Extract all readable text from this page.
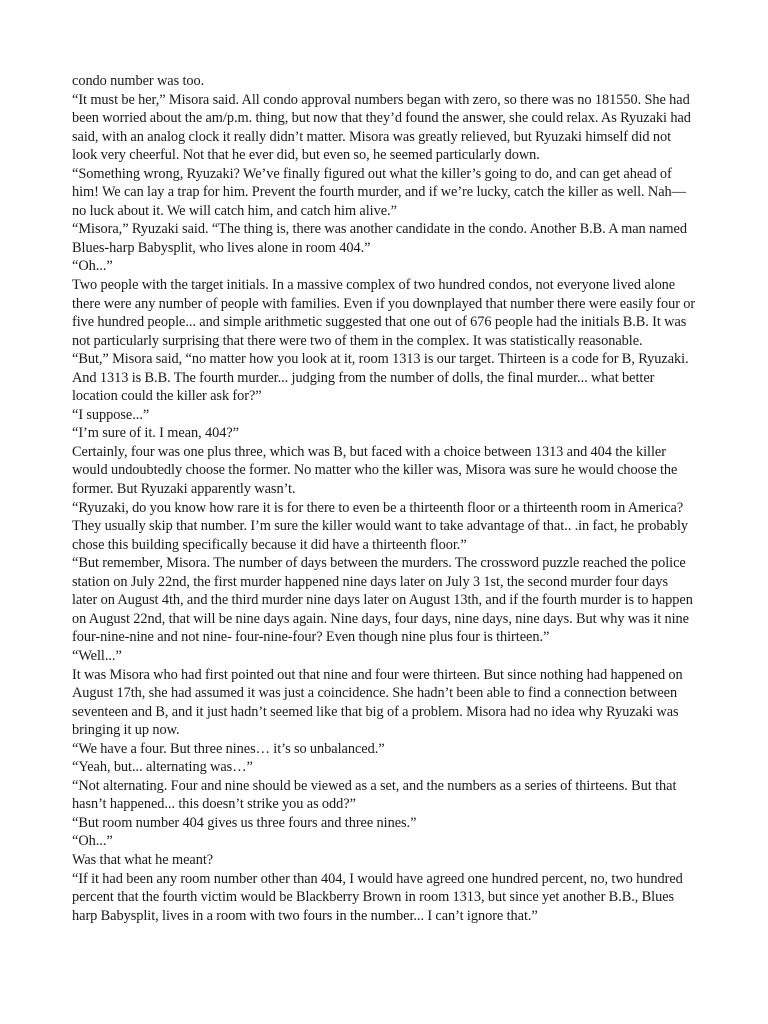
condo number was too.

“It must be her,” Misora said. All condo approval numbers began with zero, so there was no 181550. She had been worried about the am/p.m. thing, but now that they’d found the answer, she could relax. As Ryuzaki had said, with an analog clock it really didn’t matter. Misora was greatly relieved, but Ryuzaki himself did not look very cheerful. Not that he ever did, but even so, he seemed particularly down.

“Something wrong, Ryuzaki? We’ve finally figured out what the killer’s going to do, and can get ahead of him! We can lay a trap for him. Prevent the fourth murder, and if we’re lucky, catch the killer as well. Nah—no luck about it. We will catch him, and catch him alive.”

“Misora,” Ryuzaki said. “The thing is, there was another candidate in the condo. Another B.B. A man named Blues-harp Babysplit, who lives alone in room 404.”

“Oh...”

Two people with the target initials. In a massive complex of two hundred condos, not everyone lived alone there were any number of people with families. Even if you downplayed that number there were easily four or five hundred people... and simple arithmetic suggested that one out of 676 people had the initials B.B. It was not particularly surprising that there were two of them in the complex. It was statistically reasonable.

“But,” Misora said, “no matter how you look at it, room 1313 is our target. Thirteen is a code for B, Ryuzaki. And 1313 is B.B. The fourth murder... judging from the number of dolls, the final murder... what better location could the killer ask for?”

“I suppose...”

“I’m sure of it. I mean, 404?”

Certainly, four was one plus three, which was B, but faced with a choice between 1313 and 404 the killer would undoubtedly choose the former. No matter who the killer was, Misora was sure he would choose the former. But Ryuzaki apparently wasn’t.

“Ryuzaki, do you know how rare it is for there to even be a thirteenth floor or a thirteenth room in America? They usually skip that number. I’m sure the killer would want to take advantage of that.. .in fact, he probably chose this building specifically because it did have a thirteenth floor.”

“But remember, Misora. The number of days between the murders. The crossword puzzle reached the police station on July 22nd, the first murder happened nine days later on July 3 1st, the second murder four days later on August 4th, and the third murder nine days later on August 13th, and if the fourth murder is to happen on August 22nd, that will be nine days again. Nine days, four days, nine days, nine days. But why was it nine four-nine-nine and not nine- four-nine-four? Even though nine plus four is thirteen.”

“Well...”

It was Misora who had first pointed out that nine and four were thirteen. But since nothing had happened on August 17th, she had assumed it was just a coincidence. She hadn’t been able to find a connection between seventeen and B, and it just hadn’t seemed like that big of a problem. Misora had no idea why Ryuzaki was bringing it up now.

“We have a four. But three nines… it’s so unbalanced.”

“Yeah, but... alternating was…”

“Not alternating. Four and nine should be viewed as a set, and the numbers as a series of thirteens. But that hasn’t happened... this doesn’t strike you as odd?”

“But room number 404 gives us three fours and three nines.”

“Oh...”

Was that what he meant?

“If it had been any room number other than 404, I would have agreed one hundred percent, no, two hundred percent that the fourth victim would be Blackberry Brown in room 1313, but since yet another B.B., Blues harp Babysplit, lives in a room with two fours in the number... I can’t ignore that.”
